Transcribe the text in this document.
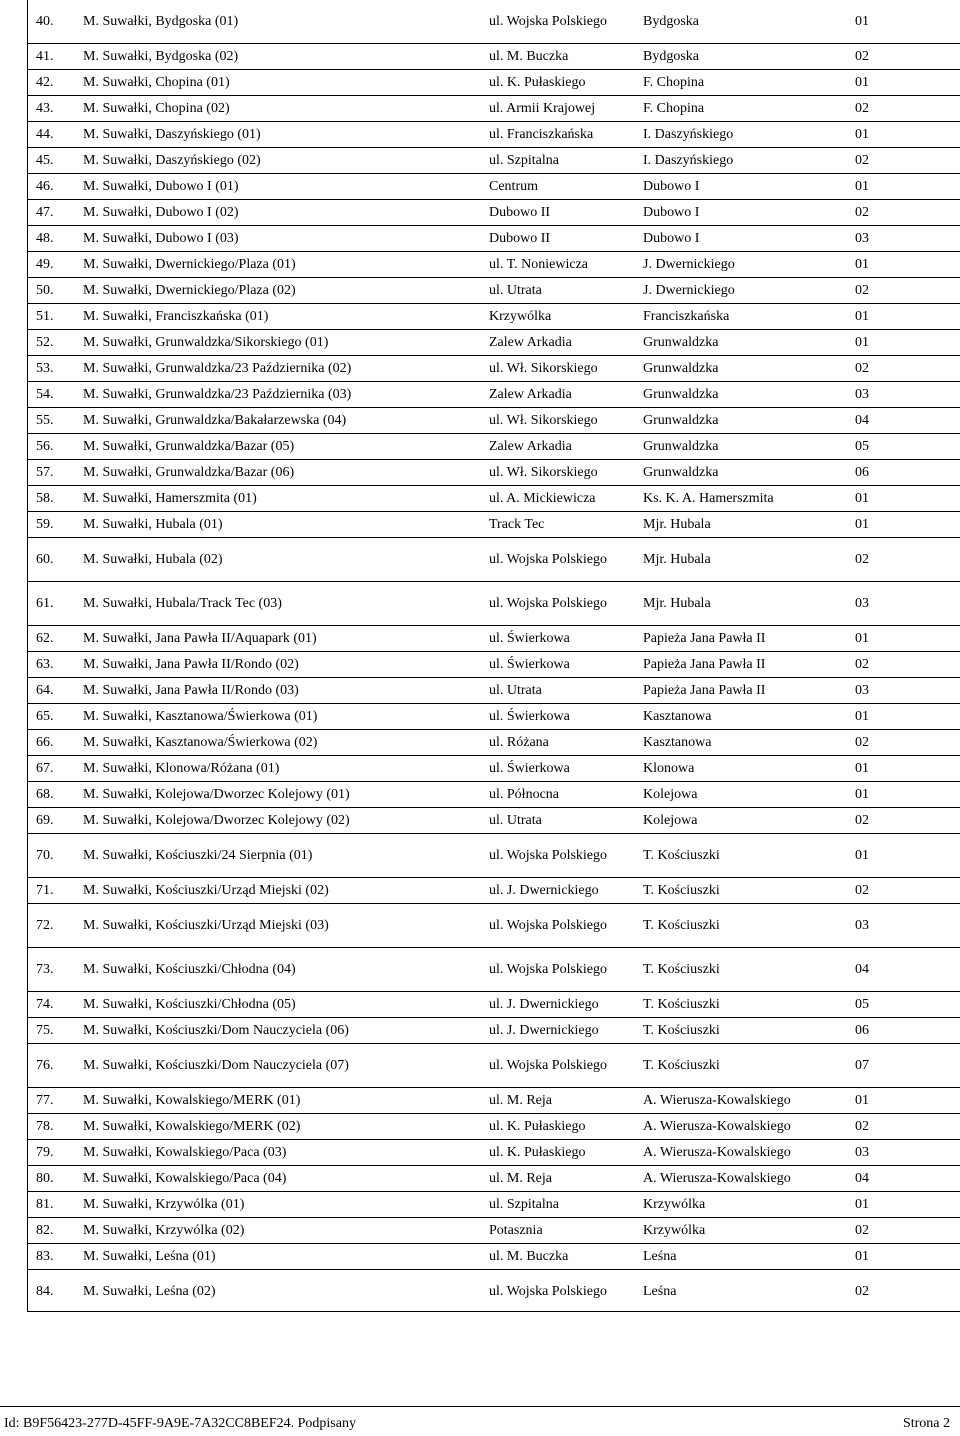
40.	M. Suwałki, Bydgoska (01)	ul. Wojska Polskiego	Bydgoska	01
41.	M. Suwałki, Bydgoska (02)	ul. M. Buczka	Bydgoska	02
42.	M. Suwałki, Chopina (01)	ul. K. Pułaskiego	F. Chopina	01
43.	M. Suwałki, Chopina (02)	ul. Armii Krajowej	F. Chopina	02
44.	M. Suwałki, Daszyńskiego (01)	ul. Franciszkańska	I. Daszyńskiego	01
45.	M. Suwałki, Daszyńskiego (02)	ul. Szpitalna	I. Daszyńskiego	02
46.	M. Suwałki, Dubowo I (01)	Centrum	Dubowo I	01
47.	M. Suwałki, Dubowo I (02)	Dubowo II	Dubowo I	02
48.	M. Suwałki, Dubowo I (03)	Dubowo II	Dubowo I	03
49.	M. Suwałki, Dwernickiego/Plaza (01)	ul. T. Noniewicza	J. Dwernickiego	01
50.	M. Suwałki, Dwernickiego/Plaza (02)	ul. Utrata	J. Dwernickiego	02
51.	M. Suwałki, Franciszkańska (01)	Krzywólka	Franciszkańska	01
52.	M. Suwałki, Grunwaldzka/Sikorskiego (01)	Zalew Arkadia	Grunwaldzka	01
53.	M. Suwałki, Grunwaldzka/23 Października (02)	ul. Wł. Sikorskiego	Grunwaldzka	02
54.	M. Suwałki, Grunwaldzka/23 Października (03)	Zalew Arkadia	Grunwaldzka	03
55.	M. Suwałki, Grunwaldzka/Bakałarzewska (04)	ul. Wł. Sikorskiego	Grunwaldzka	04
56.	M. Suwałki, Grunwaldzka/Bazar (05)	Zalew Arkadia	Grunwaldzka	05
57.	M. Suwałki, Grunwaldzka/Bazar (06)	ul. Wł. Sikorskiego	Grunwaldzka	06
58.	M. Suwałki, Hamerszmita (01)	ul. A. Mickiewicza	Ks. K. A. Hamerszmita	01
59.	M. Suwałki, Hubala (01)	Track Tec	Mjr. Hubala	01
60.	M. Suwałki, Hubala (02)	ul. Wojska Polskiego	Mjr. Hubala	02
61.	M. Suwałki, Hubala/Track Tec (03)	ul. Wojska Polskiego	Mjr. Hubala	03
62.	M. Suwałki, Jana Pawła II/Aquapark (01)	ul. Świerkowa	Papieża Jana Pawła II	01
63.	M. Suwałki, Jana Pawła II/Rondo (02)	ul. Świerkowa	Papieża Jana Pawła II	02
64.	M. Suwałki, Jana Pawła II/Rondo (03)	ul. Utrata	Papieża Jana Pawła II	03
65.	M. Suwałki, Kasztanowa/Świerkowa (01)	ul. Świerkowa	Kasztanowa	01
66.	M. Suwałki, Kasztanowa/Świerkowa (02)	ul. Różana	Kasztanowa	02
67.	M. Suwałki, Klonowa/Różana (01)	ul. Świerkowa	Klonowa	01
68.	M. Suwałki, Kolejowa/Dworzec Kolejowy (01)	ul. Północna	Kolejowa	01
69.	M. Suwałki, Kolejowa/Dworzec Kolejowy (02)	ul. Utrata	Kolejowa	02
70.	M. Suwałki, Kościuszki/24 Sierpnia (01)	ul. Wojska Polskiego	T. Kościuszki	01
71.	M. Suwałki, Kościuszki/Urząd Miejski (02)	ul. J. Dwernickiego	T. Kościuszki	02
72.	M. Suwałki, Kościuszki/Urząd Miejski (03)	ul. Wojska Polskiego	T. Kościuszki	03
73.	M. Suwałki, Kościuszki/Chłodna (04)	ul. Wojska Polskiego	T. Kościuszki	04
74.	M. Suwałki, Kościuszki/Chłodna (05)	ul. J. Dwernickiego	T. Kościuszki	05
75.	M. Suwałki, Kościuszki/Dom Nauczyciela (06)	ul. J. Dwernickiego	T. Kościuszki	06
76.	M. Suwałki, Kościuszki/Dom Nauczyciela (07)	ul. Wojska Polskiego	T. Kościuszki	07
77.	M. Suwałki, Kowalskiego/MERK (01)	ul. M. Reja	A. Wierusza-Kowalskiego	01
78.	M. Suwałki, Kowalskiego/MERK (02)	ul. K. Pułaskiego	A. Wierusza-Kowalskiego	02
79.	M. Suwałki, Kowalskiego/Paca (03)	ul. K. Pułaskiego	A. Wierusza-Kowalskiego	03
80.	M. Suwałki, Kowalskiego/Paca (04)	ul. M. Reja	A. Wierusza-Kowalskiego	04
81.	M. Suwałki, Krzywólka (01)	ul. Szpitalna	Krzywólka	01
82.	M. Suwałki, Krzywólka (02)	Potasznia	Krzywólka	02
83.	M. Suwałki, Leśna (01)	ul. M. Buczka	Leśna	01
84.	M. Suwałki, Leśna (02)	ul. Wojska Polskiego	Leśna	02
Id: B9F56423-277D-45FF-9A9E-7A32CC8BEF24. Podpisany	Strona 2
